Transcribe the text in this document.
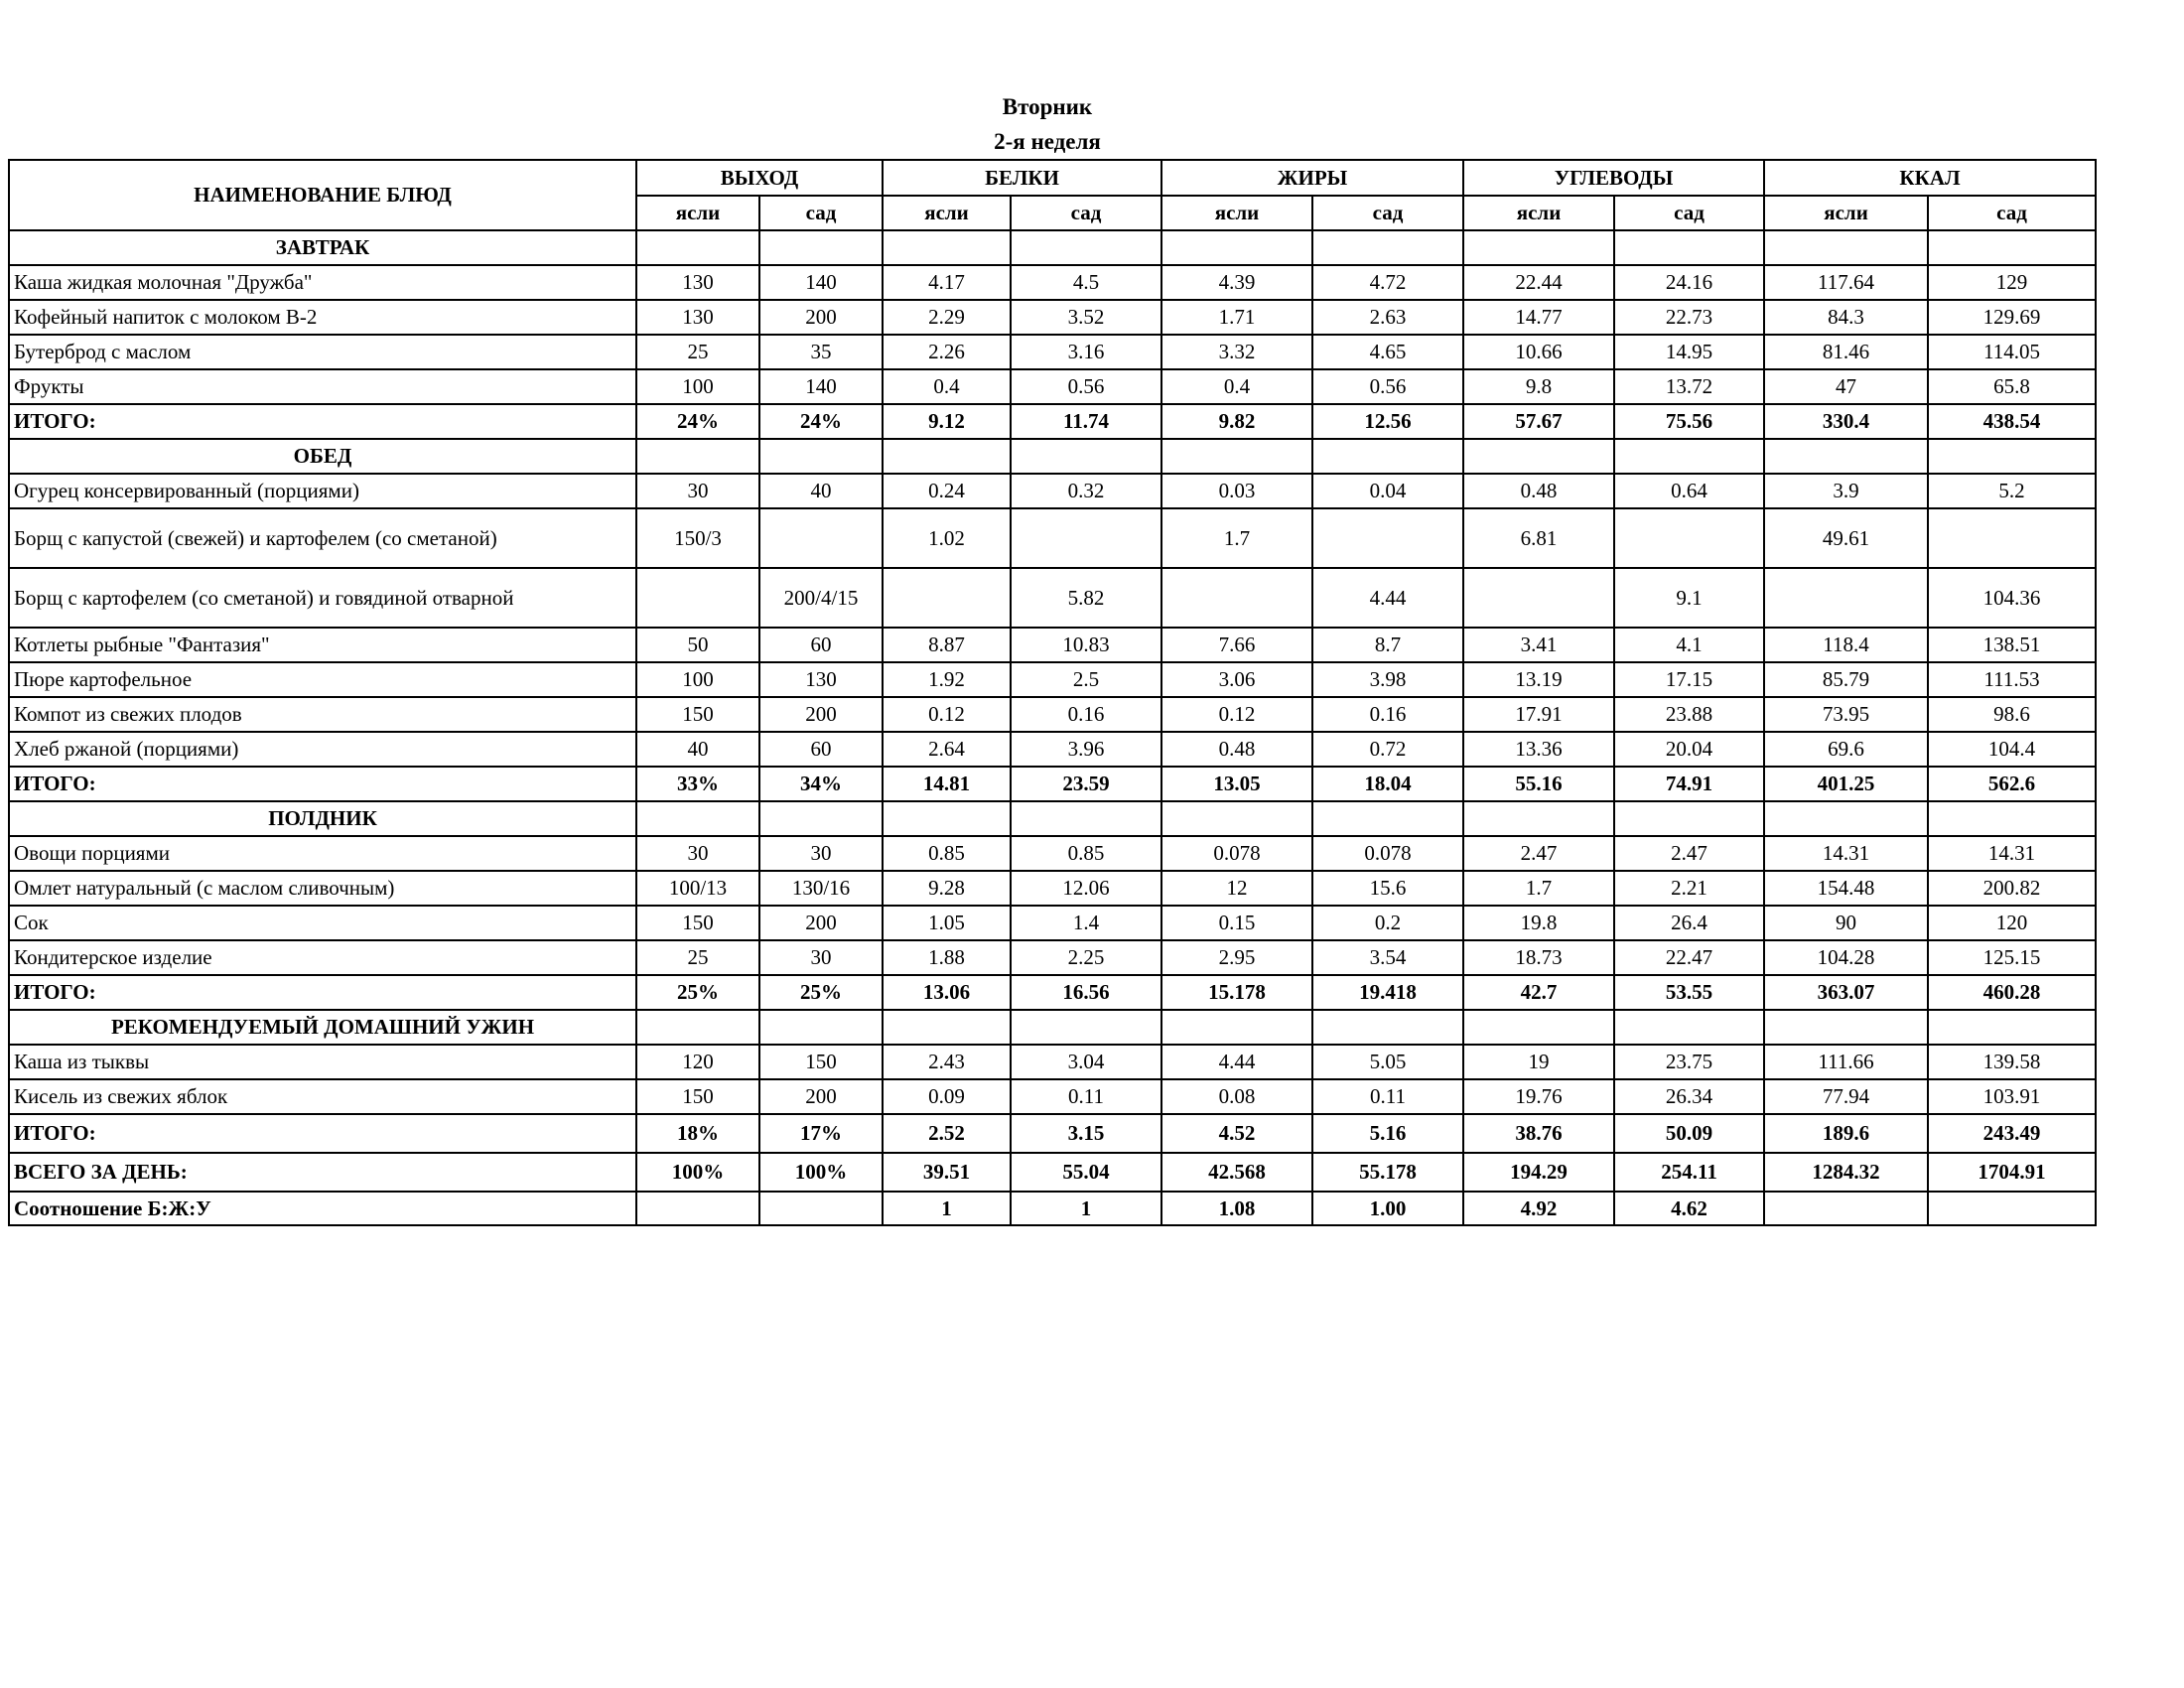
Вторник
2-я неделя
НАИМЕНОВАНИЕ БЛЮД	ВЫХОД		БЕЛКИ		ЖИРЫ		УГЛЕВОДЫ		ККАЛ	
	ясли	сад	ясли	сад	ясли	сад	ясли	сад	ясли	сад
ЗАВТРАК										
Каша жидкая молочная "Дружба"	130	140	4.17	4.5	4.39	4.72	22.44	24.16	117.64	129
Кофейный напиток с молоком В-2	130	200	2.29	3.52	1.71	2.63	14.77	22.73	84.3	129.69
Бутерброд с маслом	25	35	2.26	3.16	3.32	4.65	10.66	14.95	81.46	114.05
Фрукты	100	140	0.4	0.56	0.4	0.56	9.8	13.72	47	65.8
ИТОГО:	24%	24%	9.12	11.74	9.82	12.56	57.67	75.56	330.4	438.54
ОБЕД										
Огурец консервированный (порциями)	30	40	0.24	0.32	0.03	0.04	0.48	0.64	3.9	5.2
Борщ с капустой (свежей) и картофелем (со сметаной)	150/3		1.02		1.7		6.81		49.61	
Борщ с картофелем (со сметаной) и говядиной отварной		200/4/15		5.82		4.44		9.1		104.36
Котлеты рыбные "Фантазия"	50	60	8.87	10.83	7.66	8.7	3.41	4.1	118.4	138.51
Пюре картофельное	100	130	1.92	2.5	3.06	3.98	13.19	17.15	85.79	111.53
Компот из свежих плодов	150	200	0.12	0.16	0.12	0.16	17.91	23.88	73.95	98.6
Хлеб ржаной (порциями)	40	60	2.64	3.96	0.48	0.72	13.36	20.04	69.6	104.4
ИТОГО:	33%	34%	14.81	23.59	13.05	18.04	55.16	74.91	401.25	562.6
ПОЛДНИК										
Овощи порциями	30	30	0.85	0.85	0.078	0.078	2.47	2.47	14.31	14.31
Омлет натуральный (с маслом сливочным)	100/13	130/16	9.28	12.06	12	15.6	1.7	2.21	154.48	200.82
Сок	150	200	1.05	1.4	0.15	0.2	19.8	26.4	90	120
Кондитерское изделие	25	30	1.88	2.25	2.95	3.54	18.73	22.47	104.28	125.15
ИТОГО:	25%	25%	13.06	16.56	15.178	19.418	42.7	53.55	363.07	460.28
РЕКОМЕНДУЕМЫЙ ДОМАШНИЙ УЖИН										
Каша из тыквы	120	150	2.43	3.04	4.44	5.05	19	23.75	111.66	139.58
Кисель из свежих яблок	150	200	0.09	0.11	0.08	0.11	19.76	26.34	77.94	103.91
ИТОГО:	18%	17%	2.52	3.15	4.52	5.16	38.76	50.09	189.6	243.49
ВСЕГО ЗА ДЕНЬ:	100%	100%	39.51	55.04	42.568	55.178	194.29	254.11	1284.32	1704.91
Соотношение Б:Ж:У			1	1	1.08	1.00	4.92	4.62		
